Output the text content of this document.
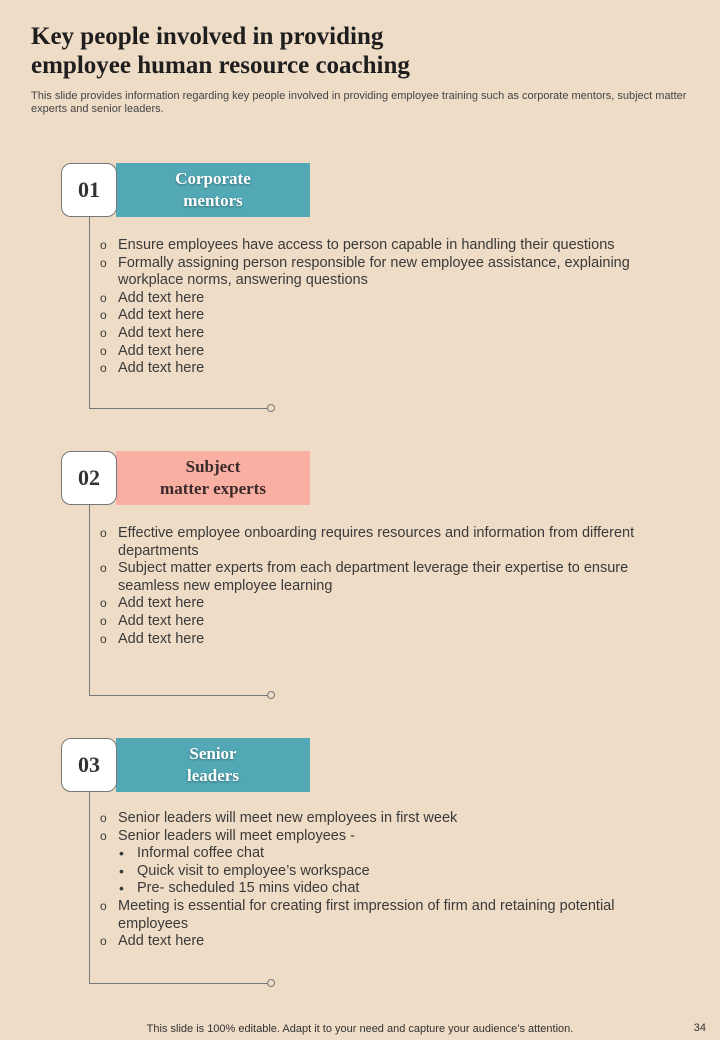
Key people involved in providing
employee human resource coaching
This slide provides information regarding key people involved in providing employee training such as corporate mentors, subject matter experts and senior leaders.
01	Corporate
mentors
o Ensure employees have access to person capable in handling their questions
o Formally assigning person responsible for new employee assistance, explaining workplace norms, answering questions
o Add text here
o Add text here
o Add text here
o Add text here
o Add text here
02	Subject
matter experts
o Effective employee onboarding requires resources and information from different departments
o Subject matter experts from each department leverage their expertise to ensure seamless new employee learning
o Add text here
o Add text here
o Add text here
03	Senior
leaders
o Senior leaders will meet new employees in first week
o Senior leaders will meet employees -
• Informal coffee chat
• Quick visit to employee’s workspace
• Pre- scheduled 15 mins video chat
o Meeting is essential for creating first impression of firm and retaining potential employees
o Add text here
This slide is 100% editable. Adapt it to your need and capture your audience’s attention.	34
